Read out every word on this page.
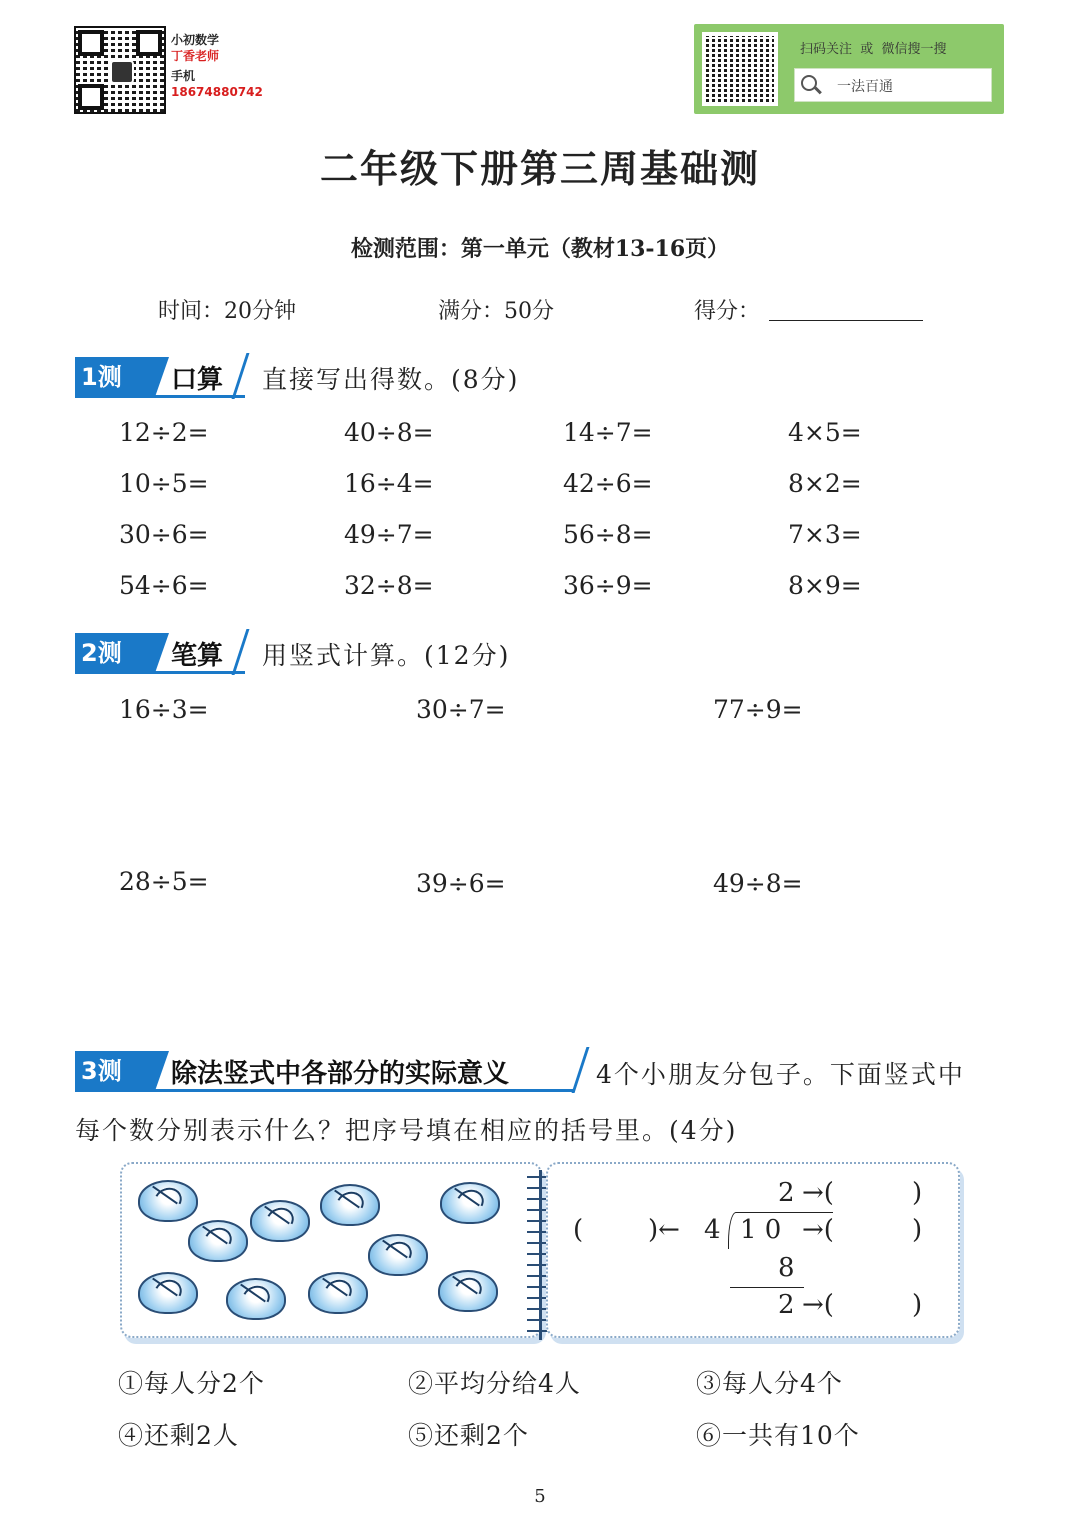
小初数学
丁香老师
手机
18674880742
扫码关注  或  微信搜一搜
一法百通
二年级下册第三周基础测
检测范围：第一单元（教材13-16页）
时间：20分钟	满分：50分	得分：
1测	口算 直接写出得数。(8分)
12÷2=	40÷8=	14÷7=	4×5=
10÷5=	16÷4=	42÷6=	8×2=
30÷6=	49÷7=	56÷8=	7×3=
54÷6=	32÷8=	36÷9=	8×9=
2测	笔算 用竖式计算。(12分)
16÷3=	30÷7=	77÷9=
28÷5=	39÷6=	49÷8=
3测	除法竖式中各部分的实际意义	4个小朋友分包子。下面竖式中
每个数分别表示什么？把序号填在相应的括号里。(4分)
2 →(	)
( )← 4 1 0 →(	)
8
2 →(	)
①每人分2个	②平均分给4人	③每人分4个
④还剩2人	⑤还剩2个	⑥一共有10个
5
